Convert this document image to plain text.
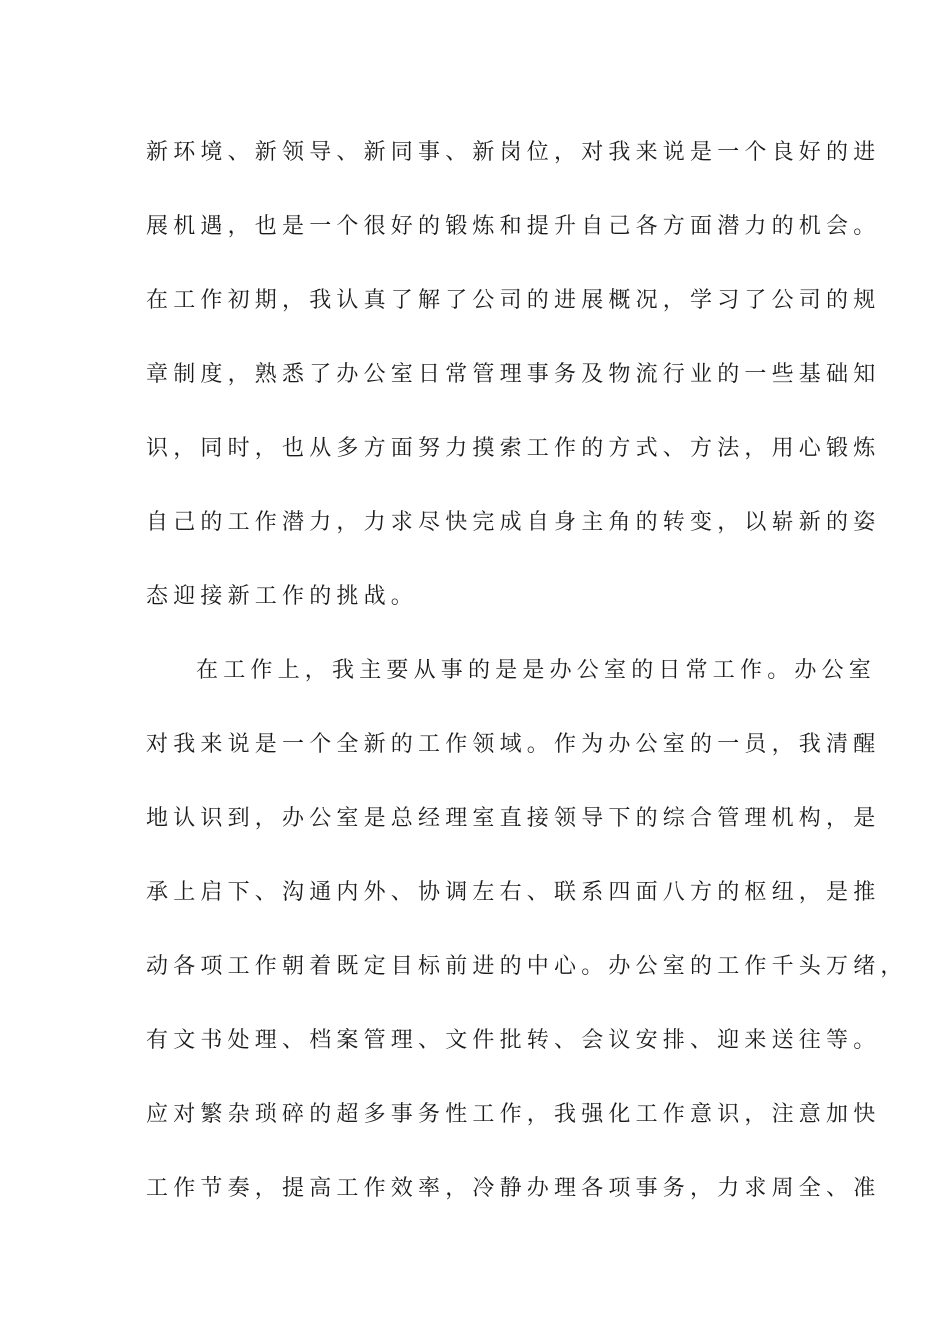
新环境、新领导、新同事、新岗位，对我来说是一个良好的进
展机遇，也是一个很好的锻炼和提升自己各方面潜力的机会。
在工作初期，我认真了解了公司的进展概况，学习了公司的规
章制度，熟悉了办公室日常管理事务及物流行业的一些基础知
识，同时，也从多方面努力摸索工作的方式、方法，用心锻炼
自己的工作潜力，力求尽快完成自身主角的转变，以崭新的姿
态迎接新工作的挑战。
在工作上，我主要从事的是是办公室的日常工作。办公室
对我来说是一个全新的工作领域。作为办公室的一员，我清醒
地认识到，办公室是总经理室直接领导下的综合管理机构，是
承上启下、沟通内外、协调左右、联系四面八方的枢纽，是推
动各项工作朝着既定目标前进的中心。办公室的工作千头万绪，
有文书处理、档案管理、文件批转、会议安排、迎来送往等。
应对繁杂琐碎的超多事务性工作，我强化工作意识，注意加快
工作节奏，提高工作效率，冷静办理各项事务，力求周全、准
